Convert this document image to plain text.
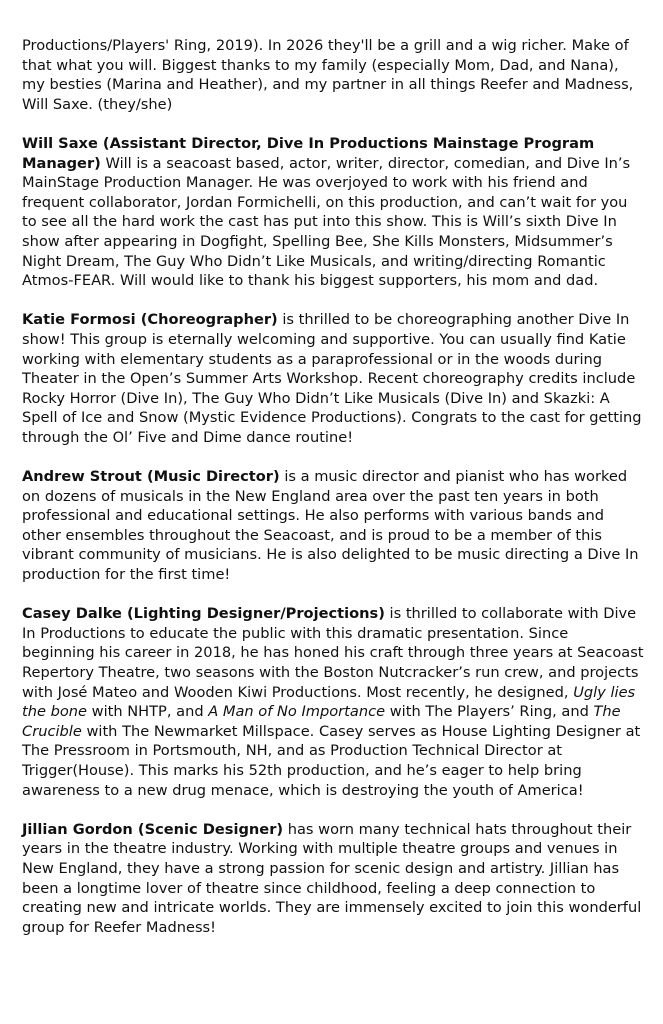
Productions/Players' Ring, 2019). In 2026 they'll be a grill and a wig richer. Make of that what you will. Biggest thanks to my family (especially Mom, Dad, and Nana), my besties (Marina and Heather), and my partner in all things Reefer and Madness, Will Saxe. (they/she)

Will Saxe (Assistant Director, Dive In Productions Mainstage Program Manager) Will is a seacoast based, actor, writer, director, comedian, and Dive In’s MainStage Production Manager. He was overjoyed to work with his friend and frequent collaborator, Jordan Formichelli, on this production, and can’t wait for you to see all the hard work the cast has put into this show. This is Will’s sixth Dive In show after appearing in Dogfight, Spelling Bee, She Kills Monsters, Midsummer’s Night Dream, The Guy Who Didn’t Like Musicals, and writing/directing Romantic Atmos-FEAR. Will would like to thank his biggest supporters, his mom and dad.

Katie Formosi (Choreographer) is thrilled to be choreographing another Dive In show! This group is eternally welcoming and supportive. You can usually find Katie working with elementary students as a paraprofessional or in the woods during Theater in the Open’s Summer Arts Workshop. Recent choreography credits include Rocky Horror (Dive In), The Guy Who Didn’t Like Musicals (Dive In) and Skazki: A Spell of Ice and Snow (Mystic Evidence Productions). Congrats to the cast for getting through the Ol’ Five and Dime dance routine!

Andrew Strout (Music Director) is a music director and pianist who has worked on dozens of musicals in the New England area over the past ten years in both professional and educational settings. He also performs with various bands and other ensembles throughout the Seacoast, and is proud to be a member of this vibrant community of musicians. He is also delighted to be music directing a Dive In production for the first time!

Casey Dalke (Lighting Designer/Projections) is thrilled to collaborate with Dive In Productions to educate the public with this dramatic presentation. Since beginning his career in 2018, he has honed his craft through three years at Seacoast Repertory Theatre, two seasons with the Boston Nutcracker’s run crew, and projects with José Mateo and Wooden Kiwi Productions. Most recently, he designed, Ugly lies the bone with NHTP, and A Man of No Importance with The Players’ Ring, and The Crucible with The Newmarket Millspace. Casey serves as House Lighting Designer at The Pressroom in Portsmouth, NH, and as Production Technical Director at Trigger(House). This marks his 52th production, and he’s eager to help bring awareness to a new drug menace, which is destroying the youth of America!

Jillian Gordon (Scenic Designer) has worn many technical hats throughout their years in the theatre industry. Working with multiple theatre groups and venues in New England, they have a strong passion for scenic design and artistry. Jillian has been a longtime lover of theatre since childhood, feeling a deep connection to creating new and intricate worlds. They are immensely excited to join this wonderful group for Reefer Madness!
